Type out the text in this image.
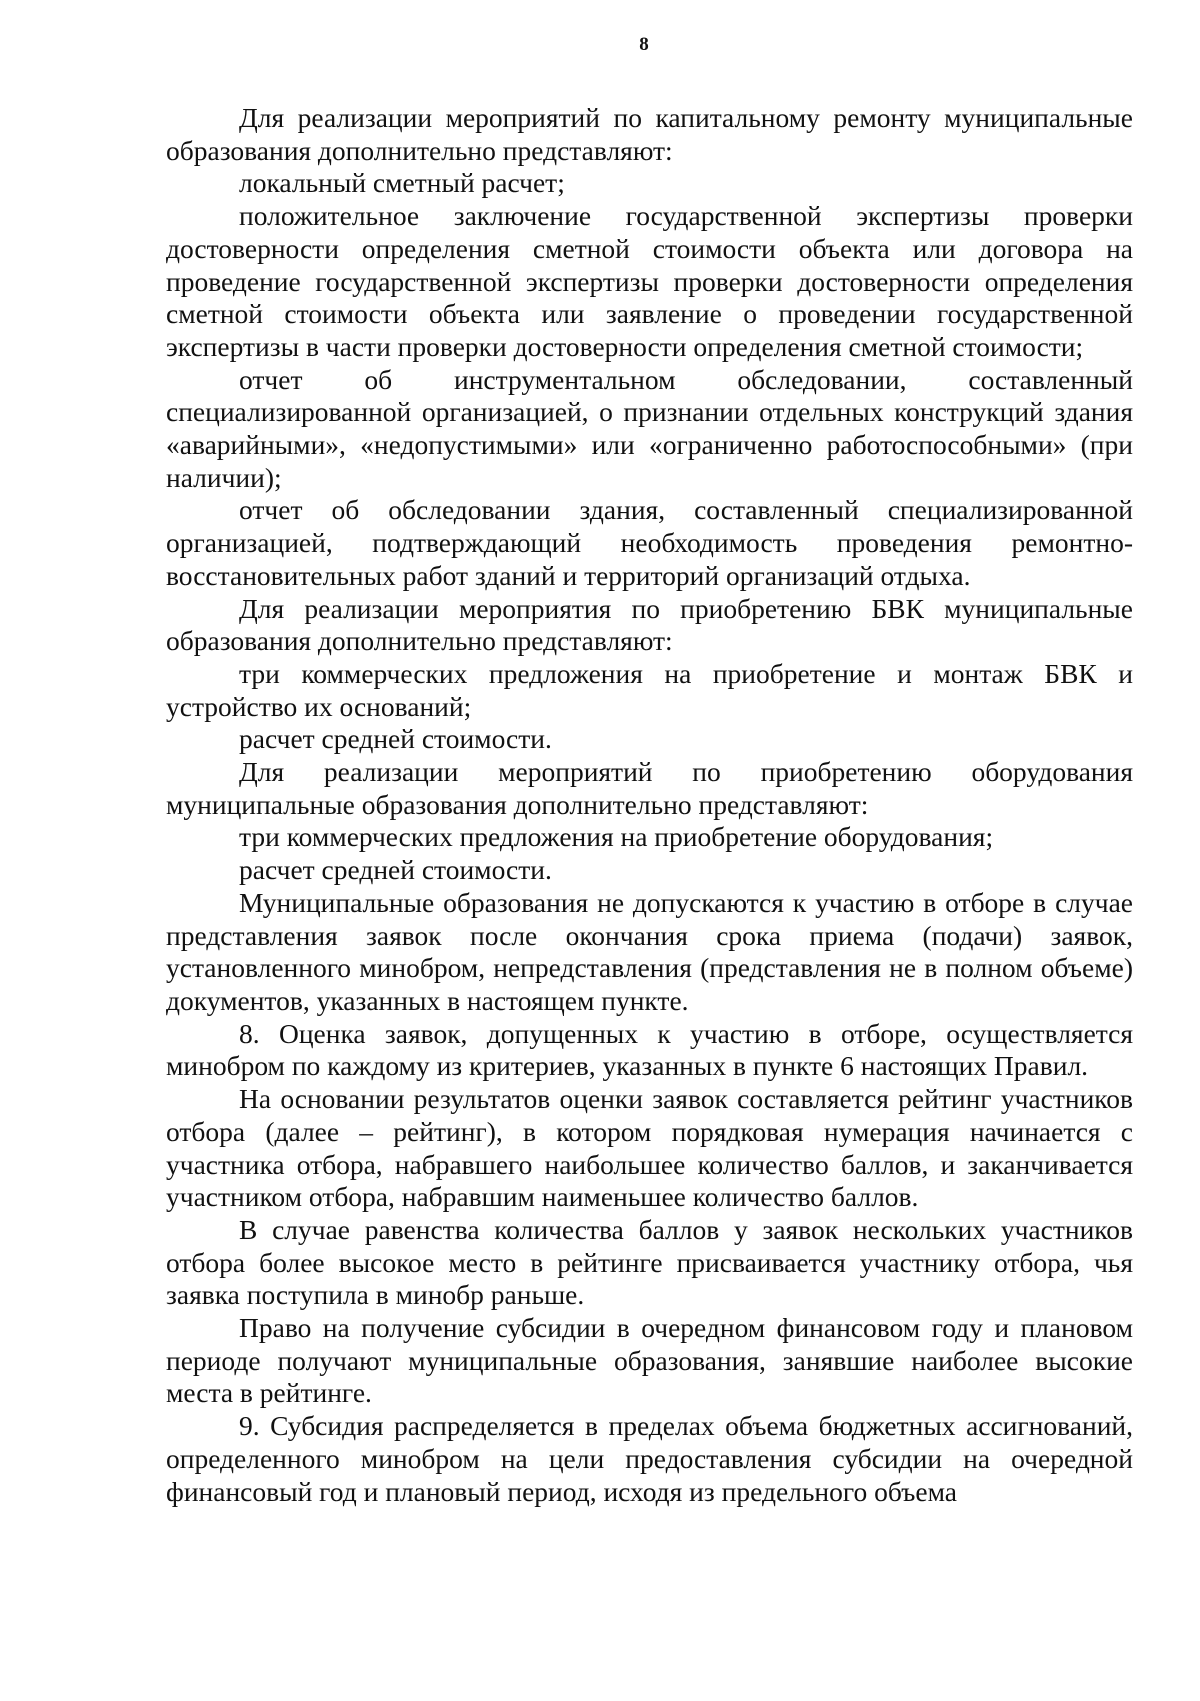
8

Для реализации мероприятий по капитальному ремонту муниципальные образования дополнительно представляют:

локальный сметный расчет;

положительное заключение государственной экспертизы проверки достоверности определения сметной стоимости объекта или договора на проведение государственной экспертизы проверки достоверности определения сметной стоимости объекта или заявление о проведении государственной экспертизы в части проверки достоверности определения сметной стоимости;

отчет об инструментальном обследовании, составленный специализированной организацией, о признании отдельных конструкций здания «аварийными», «недопустимыми» или «ограниченно работоспособными» (при наличии);

отчет об обследовании здания, составленный специализированной организацией, подтверждающий необходимость проведения ремонтно-восстановительных работ зданий и территорий организаций отдыха.

Для реализации мероприятия по приобретению БВК муниципальные образования дополнительно представляют:

три коммерческих предложения на приобретение и монтаж БВК и устройство их оснований;

расчет средней стоимости.

Для реализации мероприятий по приобретению оборудования муниципальные образования дополнительно представляют:

три коммерческих предложения на приобретение оборудования;

расчет средней стоимости.

Муниципальные образования не допускаются к участию в отборе в случае представления заявок после окончания срока приема (подачи) заявок, установленного минобром, непредставления (представления не в полном объеме) документов, указанных в настоящем пункте.

8. Оценка заявок, допущенных к участию в отборе, осуществляется минобром по каждому из критериев, указанных в пункте 6 настоящих Правил.

На основании результатов оценки заявок составляется рейтинг участников отбора (далее – рейтинг), в котором порядковая нумерация начинается с участника отбора, набравшего наибольшее количество баллов, и заканчивается участником отбора, набравшим наименьшее количество баллов.

В случае равенства количества баллов у заявок нескольких участников отбора более высокое место в рейтинге присваивается участнику отбора, чья заявка поступила в минобр раньше.

Право на получение субсидии в очередном финансовом году и плановом периоде получают муниципальные образования, занявшие наиболее высокие места в рейтинге.

9. Субсидия распределяется в пределах объема бюджетных ассигнований, определенного минобром на цели предоставления субсидии на очередной финансовый год и плановый период, исходя из предельного объема
